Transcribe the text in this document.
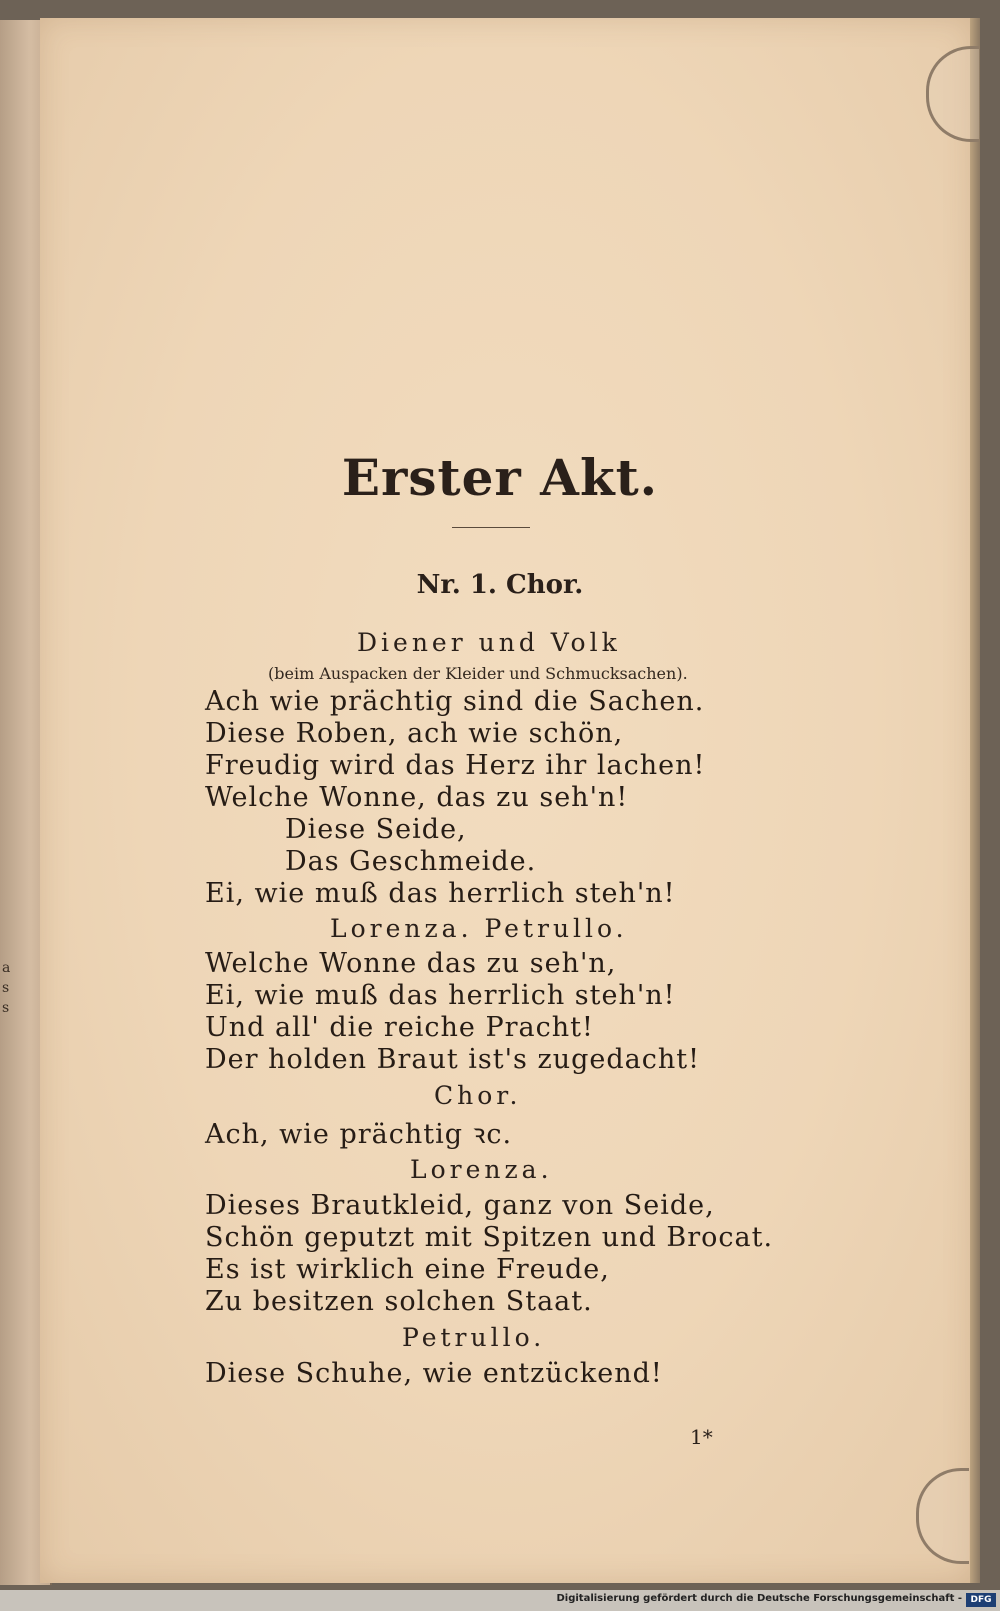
a
s
s
Erster Akt.
Nr. 1. Chor.
Diener und Volk
(beim Auspacken der Kleider und Schmucksachen).
Ach wie prächtig sind die Sachen.
Diese Roben, ach wie schön,
Freudig wird das Herz ihr lachen!
Welche Wonne, das zu seh'n!
Diese Seide,
Das Geschmeide.
Ei, wie muß das herrlich steh'n!
Lorenza. Petrullo.
Welche Wonne das zu seh'n,
Ei, wie muß das herrlich steh'n!
Und all' die reiche Pracht!
Der holden Braut ist's zugedacht!
Chor.
Ach, wie prächtig ꝛc.
Lorenza.
Dieses Brautkleid, ganz von Seide,
Schön geputzt mit Spitzen und Brocat.
Es ist wirklich eine Freude,
Zu besitzen solchen Staat.
Petrullo.
Diese Schuhe, wie entzückend!
1*
Digitalisierung gefördert durch die Deutsche Forschungsgemeinschaft - DFG
